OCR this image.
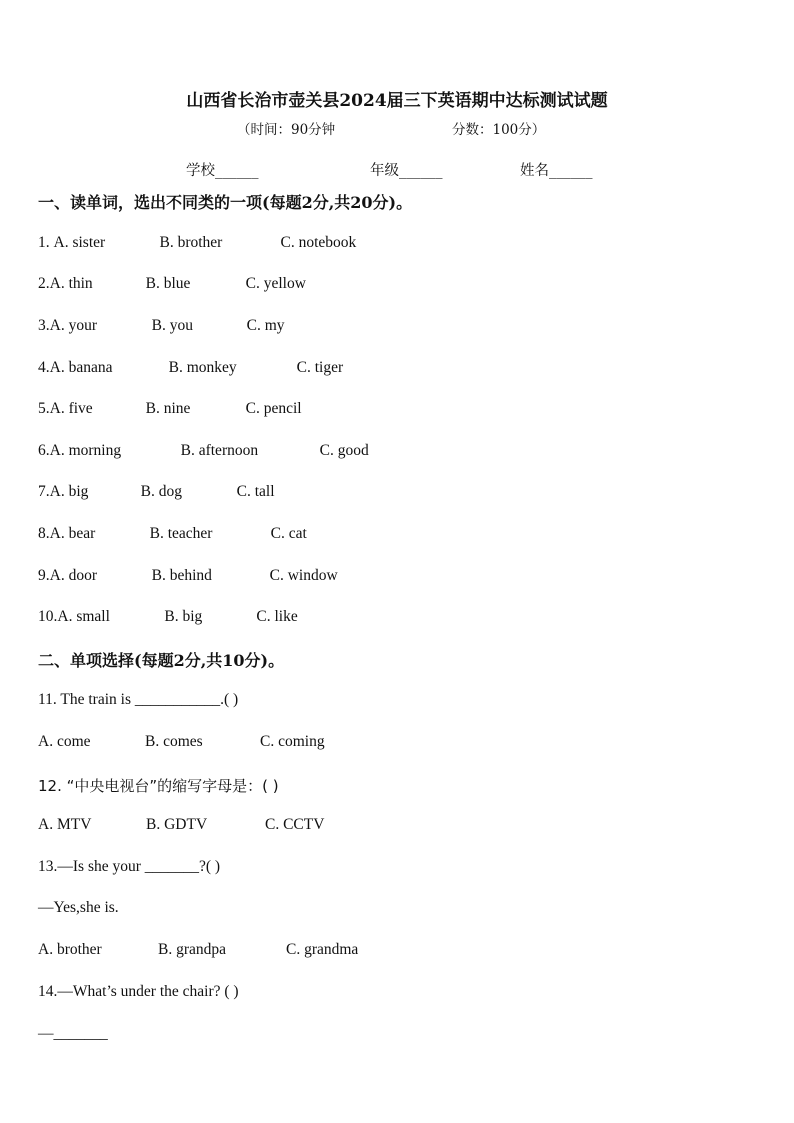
山西省长治市壶关县2024届三下英语期中达标测试试题
（时间：90分钟	分数：100分）
学校______	年级______	姓名______
一、读单词，选出不同类的一项(每题2分,共20分)。
1. A. sister	B. brother	C. notebook
2.A. thin	B. blue	C. yellow
3.A. your	B. you	C. my
4.A. banana	B. monkey	C. tiger
5.A. five	B. nine	C. pencil
6.A. morning	B. afternoon	C. good
7.A. big	B. dog	C. tall
8.A. bear	B. teacher	C. cat
9.A. door	B. behind	C. window
10.A. small	B. big	C. like
二、单项选择(每题2分,共10分)。
11. The train is ___________.( )
A. come	B. comes	C. coming
12. “中央电视台”的缩写字母是：( )
A. MTV	B. GDTV	C. CCTV
13.—Is she your _______?( )
—Yes,she is.
A. brother	B. grandpa	C. grandma
14.—What’s under the chair? ( )
—_______
